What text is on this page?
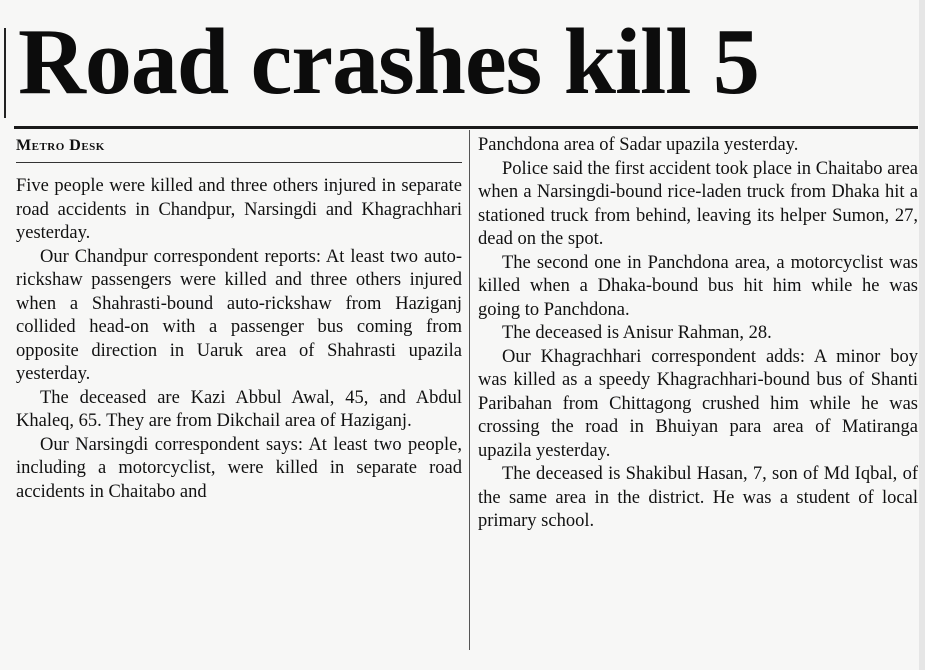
Road crashes kill 5
Metro Desk

Five people were killed and three others injured in separate road accidents in Chandpur, Narsingdi and Khagrachhari yesterday.

Our Chandpur correspondent reports: At least two auto-rickshaw passengers were killed and three others injured when a Shahrasti-bound auto-rickshaw from Haziganj collided head-on with a passenger bus coming from opposite direction in Uaruk area of Shahrasti upazila yesterday.

The deceased are Kazi Abbul Awal, 45, and Abdul Khaleq, 65. They are from Dikchail area of Haziganj.

Our Narsingdi correspondent says: At least two people, including a motorcyclist, were killed in separate road accidents in Chaitabo and

Panchdona area of Sadar upazila yesterday.

Police said the first accident took place in Chaitabo area when a Narsingdi-bound rice-laden truck from Dhaka hit a stationed truck from behind, leaving its helper Sumon, 27, dead on the spot.

The second one in Panchdona area, a motorcyclist was killed when a Dhaka-bound bus hit him while he was going to Panchdona.

The deceased is Anisur Rahman, 28.

Our Khagrachhari correspondent adds: A minor boy was killed as a speedy Khagrachhari-bound bus of Shanti Paribahan from Chittagong crushed him while he was crossing the road in Bhuiyan para area of Matiranga upazila yesterday.

The deceased is Shakibul Hasan, 7, son of Md Iqbal, of the same area in the district. He was a student of local primary school.
